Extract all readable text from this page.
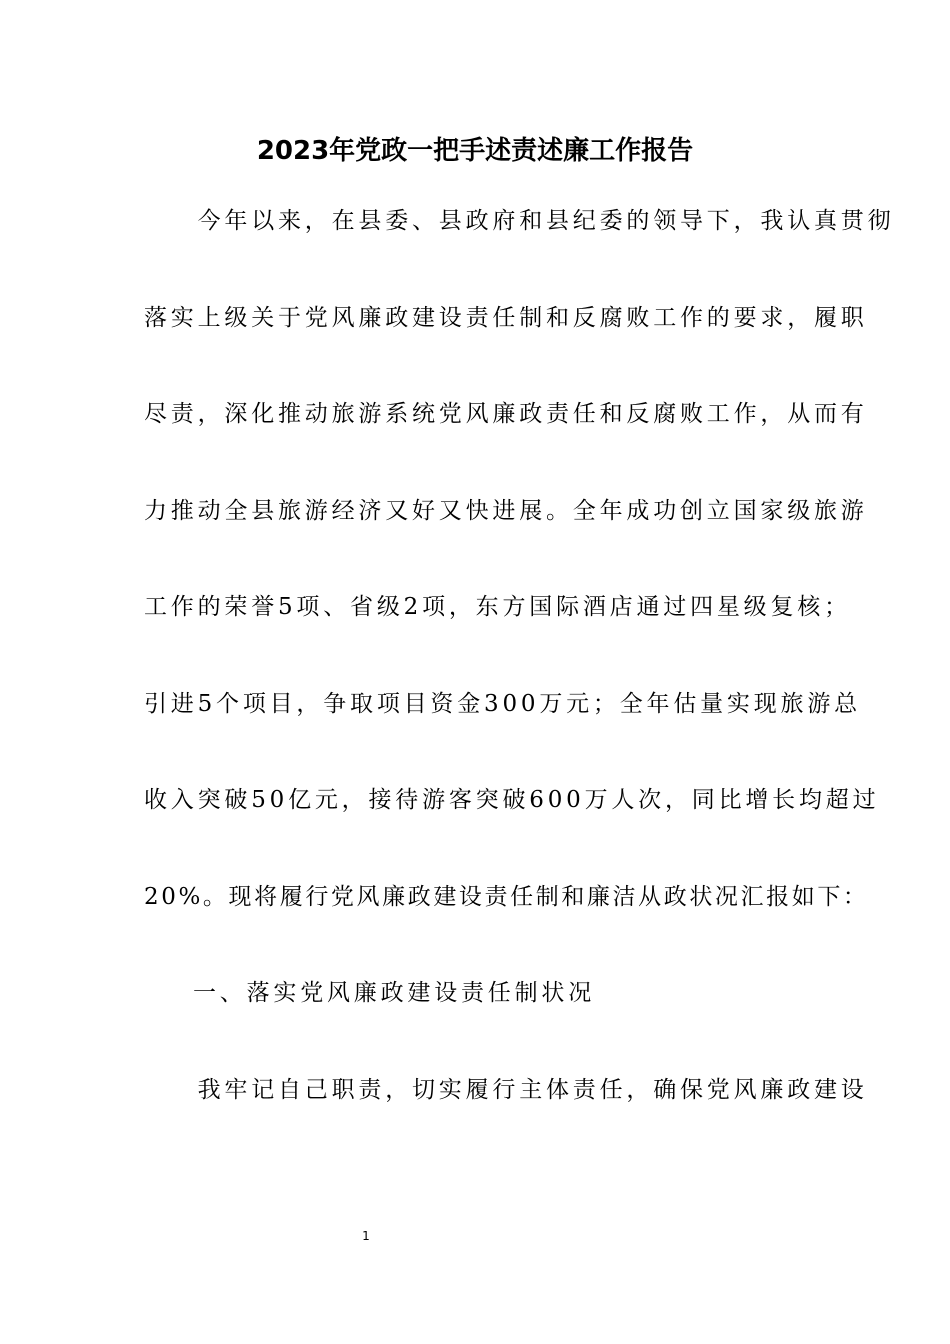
2023年党政一把手述责述廉工作报告
　　今年以来，在县委、县政府和县纪委的领导下，我认真贯彻
落实上级关于党风廉政建设责任制和反腐败工作的要求，履职
尽责，深化推动旅游系统党风廉政责任和反腐败工作，从而有
力推动全县旅游经济又好又快进展。全年成功创立国家级旅游
工作的荣誉5项、省级2项，东方国际酒店通过四星级复核；
引进5个项目，争取项目资金300万元；全年估量实现旅游总
收入突破50亿元，接待游客突破600万人次，同比增长均超过
20%。现将履行党风廉政建设责任制和廉洁从政状况汇报如下：
一、落实党风廉政建设责任制状况
　　我牢记自己职责，切实履行主体责任，确保党风廉政建设
1
